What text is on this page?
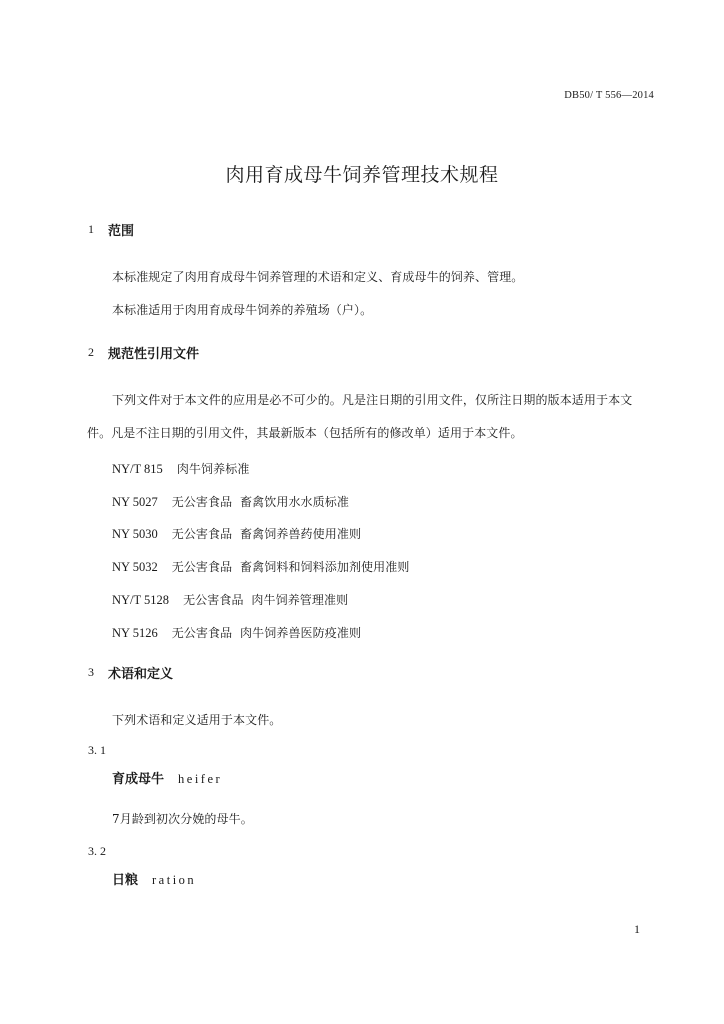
DB50/ T 556—2014
肉用育成母牛饲养管理技术规程
1 范围
本标准规定了肉用育成母牛饲养管理的术语和定义、育成母牛的饲养、管理。
本标准适用于肉用育成母牛饲养的养殖场（户）。
2 规范性引用文件
下列文件对于本文件的应用是必不可少的。凡是注日期的引用文件，仅所注日期的版本适用于本文
件。凡是不注日期的引用文件，其最新版本（包括所有的修改单）适用于本文件。
NY/T 815 肉牛饲养标准
NY 5027 无公害食品  畜禽饮用水水质标准
NY 5030 无公害食品  畜禽饲养兽药使用准则
NY 5032 无公害食品  畜禽饲料和饲料添加剂使用准则
NY/T 5128 无公害食品  肉牛饲养管理准则
NY 5126 无公害食品  肉牛饲养兽医防疫准则
3 术语和定义
下列术语和定义适用于本文件。
3. 1
育成母牛 heifer
7月龄到初次分娩的母牛。
3. 2
日粮 ration
1
